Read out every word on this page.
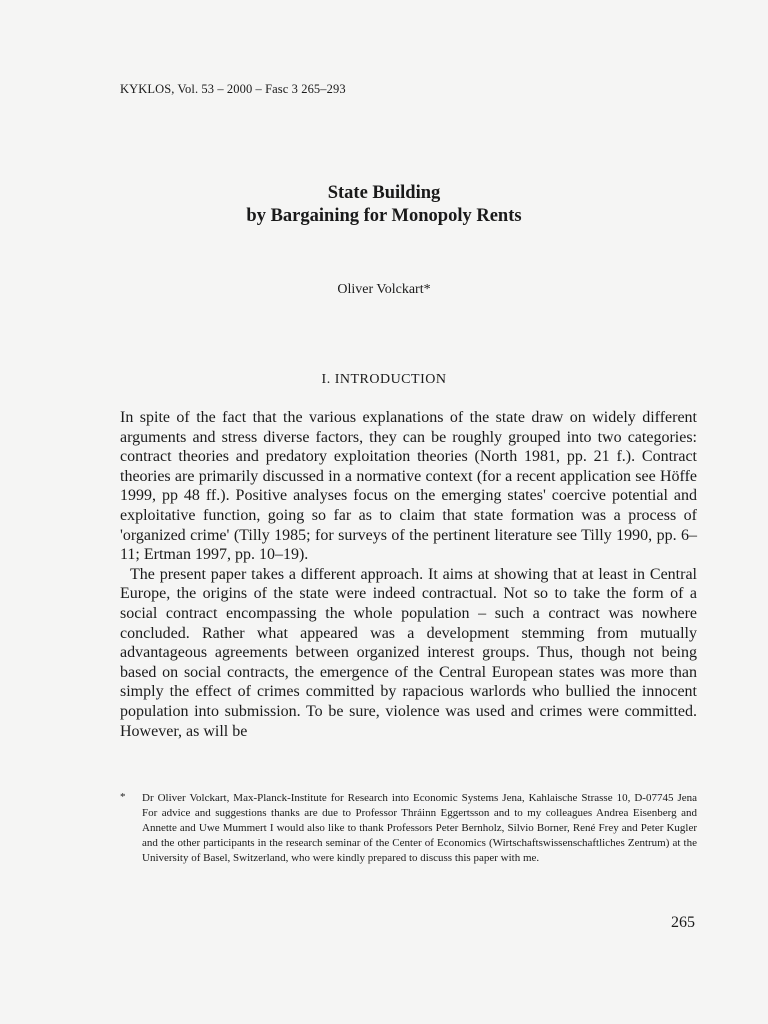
KYKLOS, Vol. 53 – 2000 – Fasc 3 265–293
State Building
by Bargaining for Monopoly Rents
Oliver Volckart*
I. INTRODUCTION

In spite of the fact that the various explanations of the state draw on widely different arguments and stress diverse factors, they can be roughly grouped into two categories: contract theories and predatory exploitation theories (North 1981, pp. 21 f.). Contract theories are primarily discussed in a normative context (for a recent application see Höffe 1999, pp 48 ff.). Positive analyses focus on the emerging states' coercive potential and exploitative function, going so far as to claim that state formation was a process of 'organized crime' (Tilly 1985; for surveys of the pertinent literature see Tilly 1990, pp. 6–11; Ertman 1997, pp. 10–19).

The present paper takes a different approach. It aims at showing that at least in Central Europe, the origins of the state were indeed contractual. Not so to take the form of a social contract encompassing the whole population – such a contract was nowhere concluded. Rather what appeared was a development stemming from mutually advantageous agreements between organized interest groups. Thus, though not being based on social contracts, the emergence of the Central European states was more than simply the effect of crimes committed by rapacious warlords who bullied the innocent population into submission. To be sure, violence was used and crimes were committed. However, as will be

* Dr Oliver Volckart, Max-Planck-Institute for Research into Economic Systems Jena, Kahlaische Strasse 10, D-07745 Jena For advice and suggestions thanks are due to Professor Thráinn Eggertsson and to my colleagues Andrea Eisenberg and Annette and Uwe Mummert I would also like to thank Professors Peter Bernholz, Silvio Borner, René Frey and Peter Kugler and the other participants in the research seminar of the Center of Economics (Wirtschaftswissenschaftliches Zentrum) at the University of Basel, Switzerland, who were kindly prepared to discuss this paper with me.
265
